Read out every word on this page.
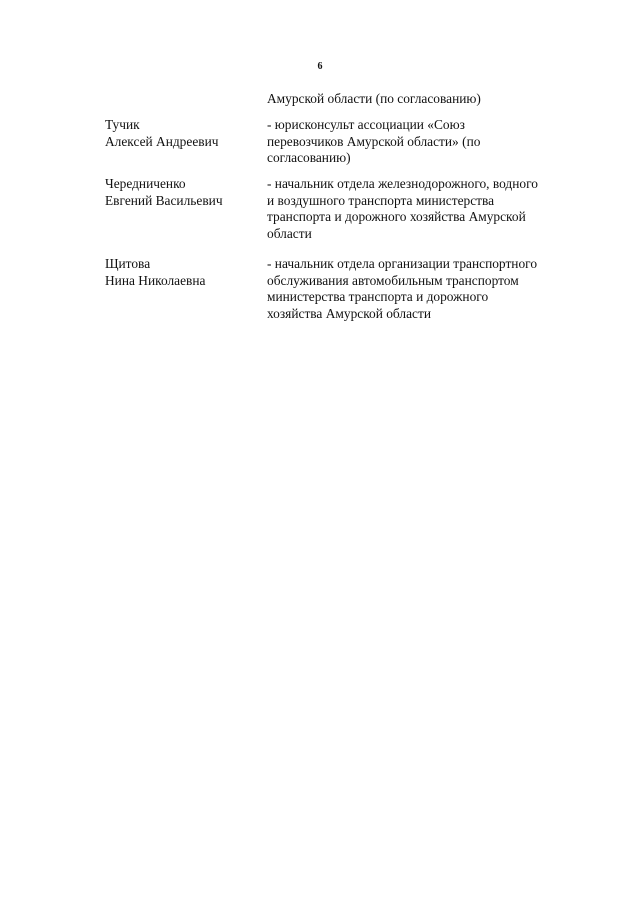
6
Амурской области (по согласованию)
Тучик
Алексей Андреевич
- юрисконсульт ассоциации «Союз
перевозчиков Амурской области» (по
согласованию)
Чередниченко
Евгений Васильевич
- начальник отдела железнодорожного, водного
и воздушного транспорта министерства
транспорта и дорожного хозяйства Амурской
области
Щитова
Нина Николаевна
- начальник отдела организации транспортного
обслуживания автомобильным транспортом
министерства транспорта и дорожного
хозяйства Амурской области
